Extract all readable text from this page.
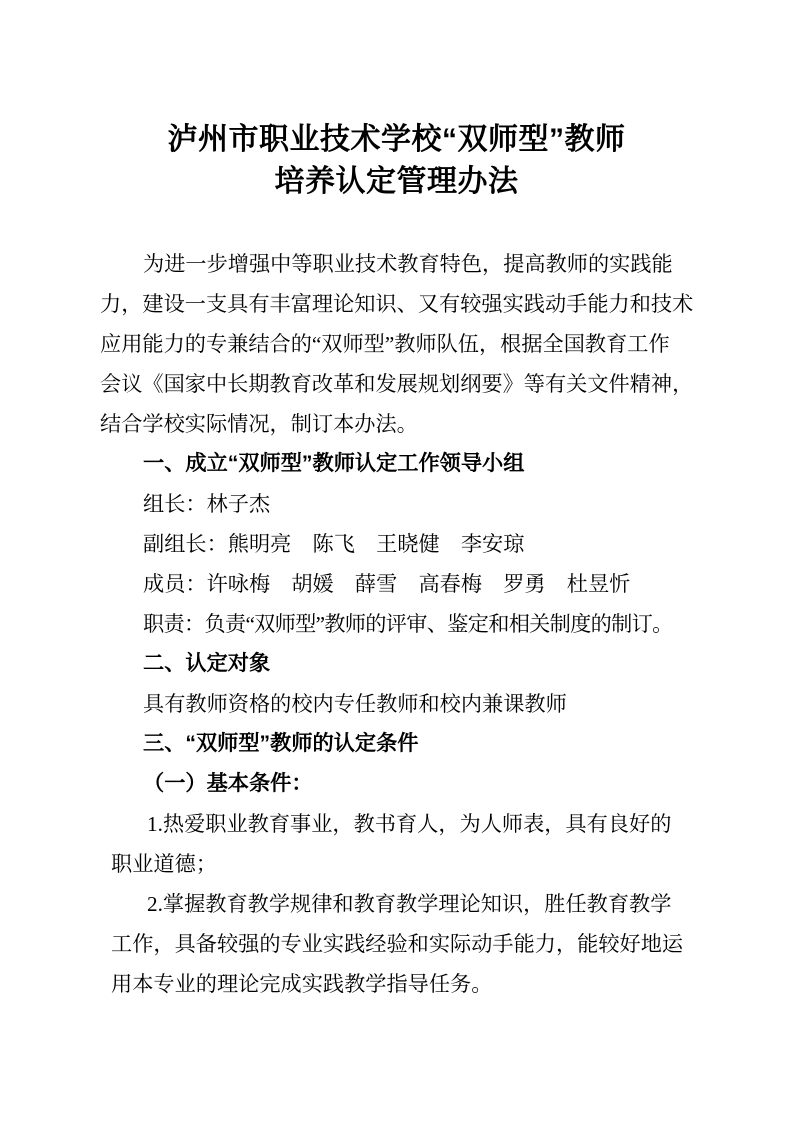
泸州市职业技术学校“双师型”教师
培养认定管理办法
为进一步增强中等职业技术教育特色，提高教师的实践能
力，建设一支具有丰富理论知识、又有较强实践动手能力和技术
应用能力的专兼结合的“双师型”教师队伍，根据全国教育工作
会议《国家中长期教育改革和发展规划纲要》等有关文件精神，
结合学校实际情况，制订本办法。
一、成立“双师型”教师认定工作领导小组
组长：林子杰
副组长：熊明亮　陈飞　王晓健　李安琼
成员：许咏梅　胡媛　薛雪　高春梅　罗勇　杜昱忻
职责：负责“双师型”教师的评审、鉴定和相关制度的制订。
二、认定对象
具有教师资格的校内专任教师和校内兼课教师
三、“双师型”教师的认定条件
（一）基本条件：
1.热爱职业教育事业，教书育人，为人师表，具有良好的
职业道德；
2.掌握教育教学规律和教育教学理论知识，胜任教育教学
工作，具备较强的专业实践经验和实际动手能力，能较好地运
用本专业的理论完成实践教学指导任务。
